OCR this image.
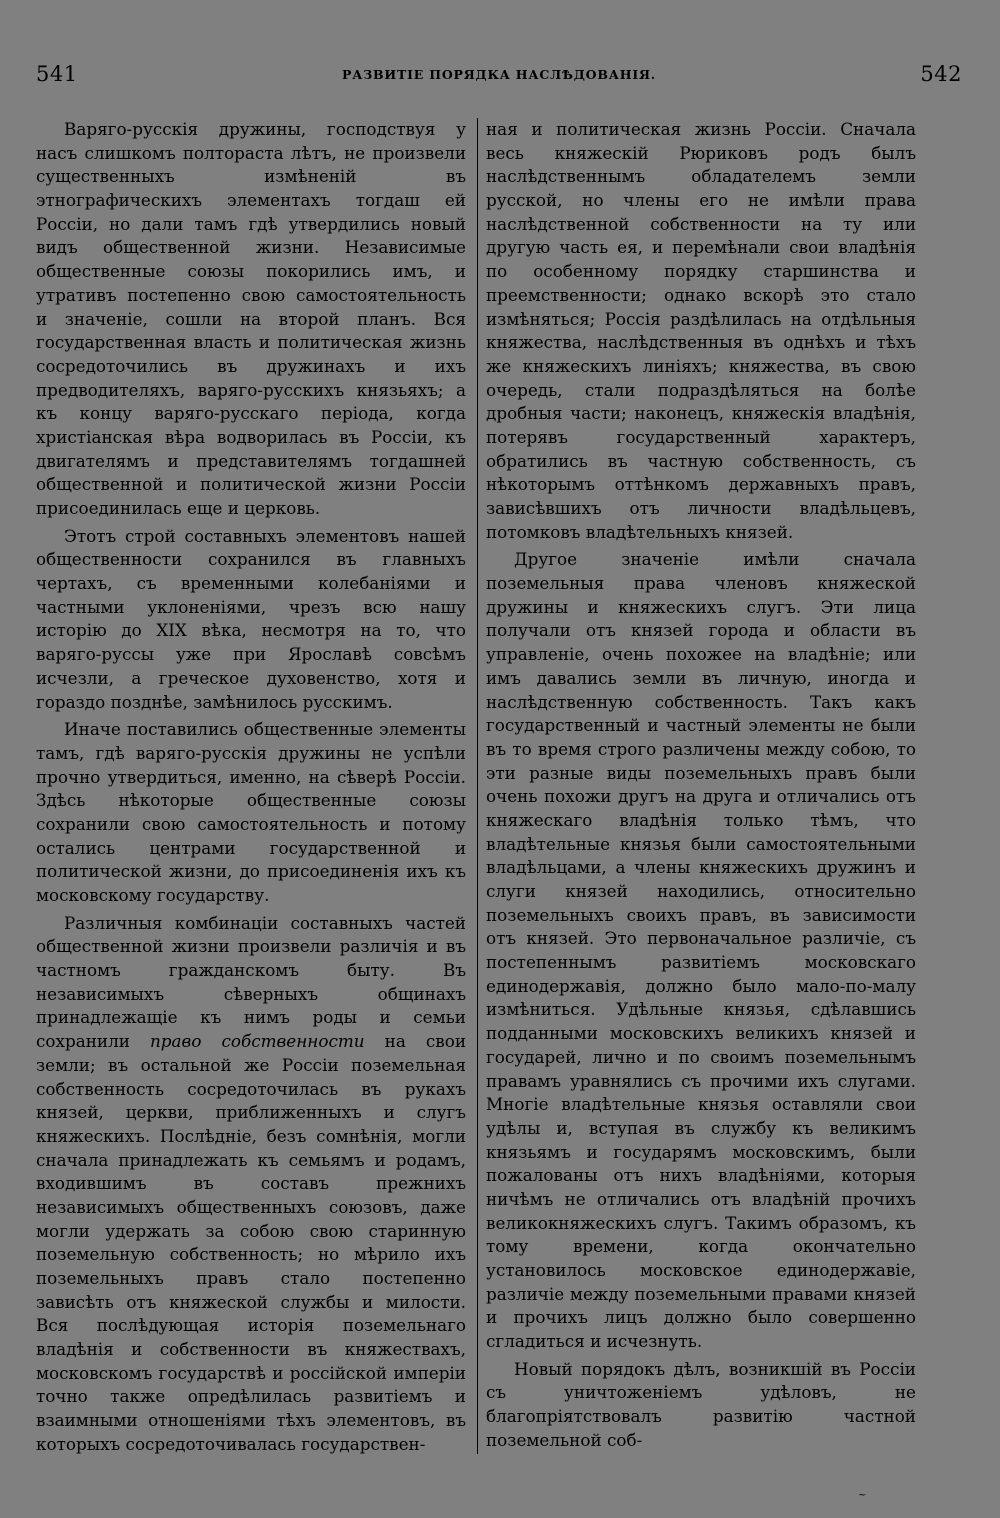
541	РАЗВИТІЕ ПОРЯДКА НАСЛѢДОВАНІЯ.	542

Варяго-русскія дружины, господствуя у насъ слишкомъ полтораста лѣтъ, не произвели существенныхъ измѣненій въ этнографическихъ элементахъ тогдаш ей Россіи, но дали тамъ гдѣ утвердились новый видъ общественной жизни. Независимые общественные союзы покорились имъ, и утративъ постепенно свою самостоятельность и значеніе, сошли на второй планъ. Вся государственная власть и политическая жизнь сосредоточились въ дружинахъ и ихъ предводителяхъ, варяго-русскихъ князьяхъ; а къ концу варяго-русскаго періода, когда христіанская вѣра водворилась въ Россіи, къ двигателямъ и представителямъ тогдашней общественной и политической жизни Россіи присоединилась еще и церковь.

Этотъ строй составныхъ элементовъ нашей общественности сохранился въ главныхъ чертахъ, съ временными колебаніями и частными уклоненіями, чрезъ всю нашу исторію до XIX вѣка, несмотря на то, что варяго-руссы уже при Ярославѣ совсѣмъ исчезли, а греческое духовенство, хотя и гораздо позднѣе, замѣнилось русскимъ.

Иначе поставились общественные элементы тамъ, гдѣ варяго-русскія дружины не успѣли прочно утвердиться, именно, на сѣверѣ Россіи. Здѣсь нѣкоторые общественные союзы сохранили свою самостоятельность и потому остались центрами государственной и политической жизни, до присоединенія ихъ къ московскому государству.

Различныя комбинаціи составныхъ частей общественной жизни произвели различія и въ частномъ гражданскомъ быту. Въ независимыхъ сѣверныхъ общинахъ принадлежащіе къ нимъ роды и семьи сохранили право собственности на свои земли; въ остальной же Россіи поземельная собственность сосредоточилась въ рукахъ князей, церкви, приближенныхъ и слугъ княжескихъ. Послѣдніе, безъ сомнѣнія, могли сначала принадлежать къ семьямъ и родамъ, входившимъ въ составъ прежнихъ независимыхъ общественныхъ союзовъ, даже могли удержать за собою свою старинную поземельную собственность; но мѣрило ихъ поземельныхъ правъ стало постепенно зависѣть отъ княжеской службы и милости. Вся послѣдующая исторія поземельнаго владѣнія и собственности въ княжествахъ, московскомъ государствѣ и россійской имперіи точно также опредѣлилась развитіемъ и взаимными отношеніями тѣхъ элементовъ, въ которыхъ сосредоточивалась государствен-

ная и политическая жизнь Россіи. Сначала весь княжескій Рюриковъ родъ былъ наслѣдственнымъ обладателемъ земли русской, но члены его не имѣли права наслѣдственной собственности на ту или другую часть ея, и перемѣнали свои владѣнія по особенному порядку старшинства и преемственности; однако вскорѣ это стало измѣняться; Россія раздѣлилась на отдѣльныя княжества, наслѣдственныя въ однѣхъ и тѣхъ же княжескихъ линіяхъ; княжества, въ свою очередь, стали подраздѣляться на болѣе дробныя части; наконецъ, княжескія владѣнія, потерявъ государственный характеръ, обратились въ частную собственность, съ нѣкоторымъ оттѣнкомъ державныхъ правъ, зависѣвшихъ отъ личности владѣльцевъ, потомковъ владѣтельныхъ князей.

Другое значеніе имѣли сначала поземельныя права членовъ княжеской дружины и княжескихъ слугъ. Эти лица получали отъ князей города и области въ управленіе, очень похожее на владѣніе; или имъ давались земли въ личную, иногда и наслѣдственную собственность. Такъ какъ государственный и частный элементы не были въ то время строго различены между собою, то эти разные виды поземельныхъ правъ были очень похожи другъ на друга и отличались отъ княжескаго владѣнія только тѣмъ, что владѣтельные князья были самостоятельными владѣльцами, а члены княжескихъ дружинъ и слуги князей находились, относительно поземельныхъ своихъ правъ, въ зависимости отъ князей. Это первоначальное различіе, съ постепеннымъ развитіемъ московскаго единодержавія, должно было мало-по-малу измѣниться. Удѣльные князья, сдѣлавшись подданными московскихъ великихъ князей и государей, лично и по своимъ поземельнымъ правамъ уравнялись съ прочими ихъ слугами. Многіе владѣтельные князья оставляли свои удѣлы и, вступая въ службу къ великимъ князьямъ и государямъ московскимъ, были пожалованы отъ нихъ владѣніями, которыя ничѣмъ не отличались отъ владѣній прочихъ великокняжескихъ слугъ. Такимъ образомъ, къ тому времени, когда окончательно установилось московское единодержавіе, различіе между поземельными правами князей и прочихъ лицъ должно было совершенно сгладиться и исчезнуть.

Новый порядокъ дѣлъ, возникшій въ Россіи съ уничтоженіемъ удѣловъ, не благопріятствовалъ развитію частной поземельной соб-

~
